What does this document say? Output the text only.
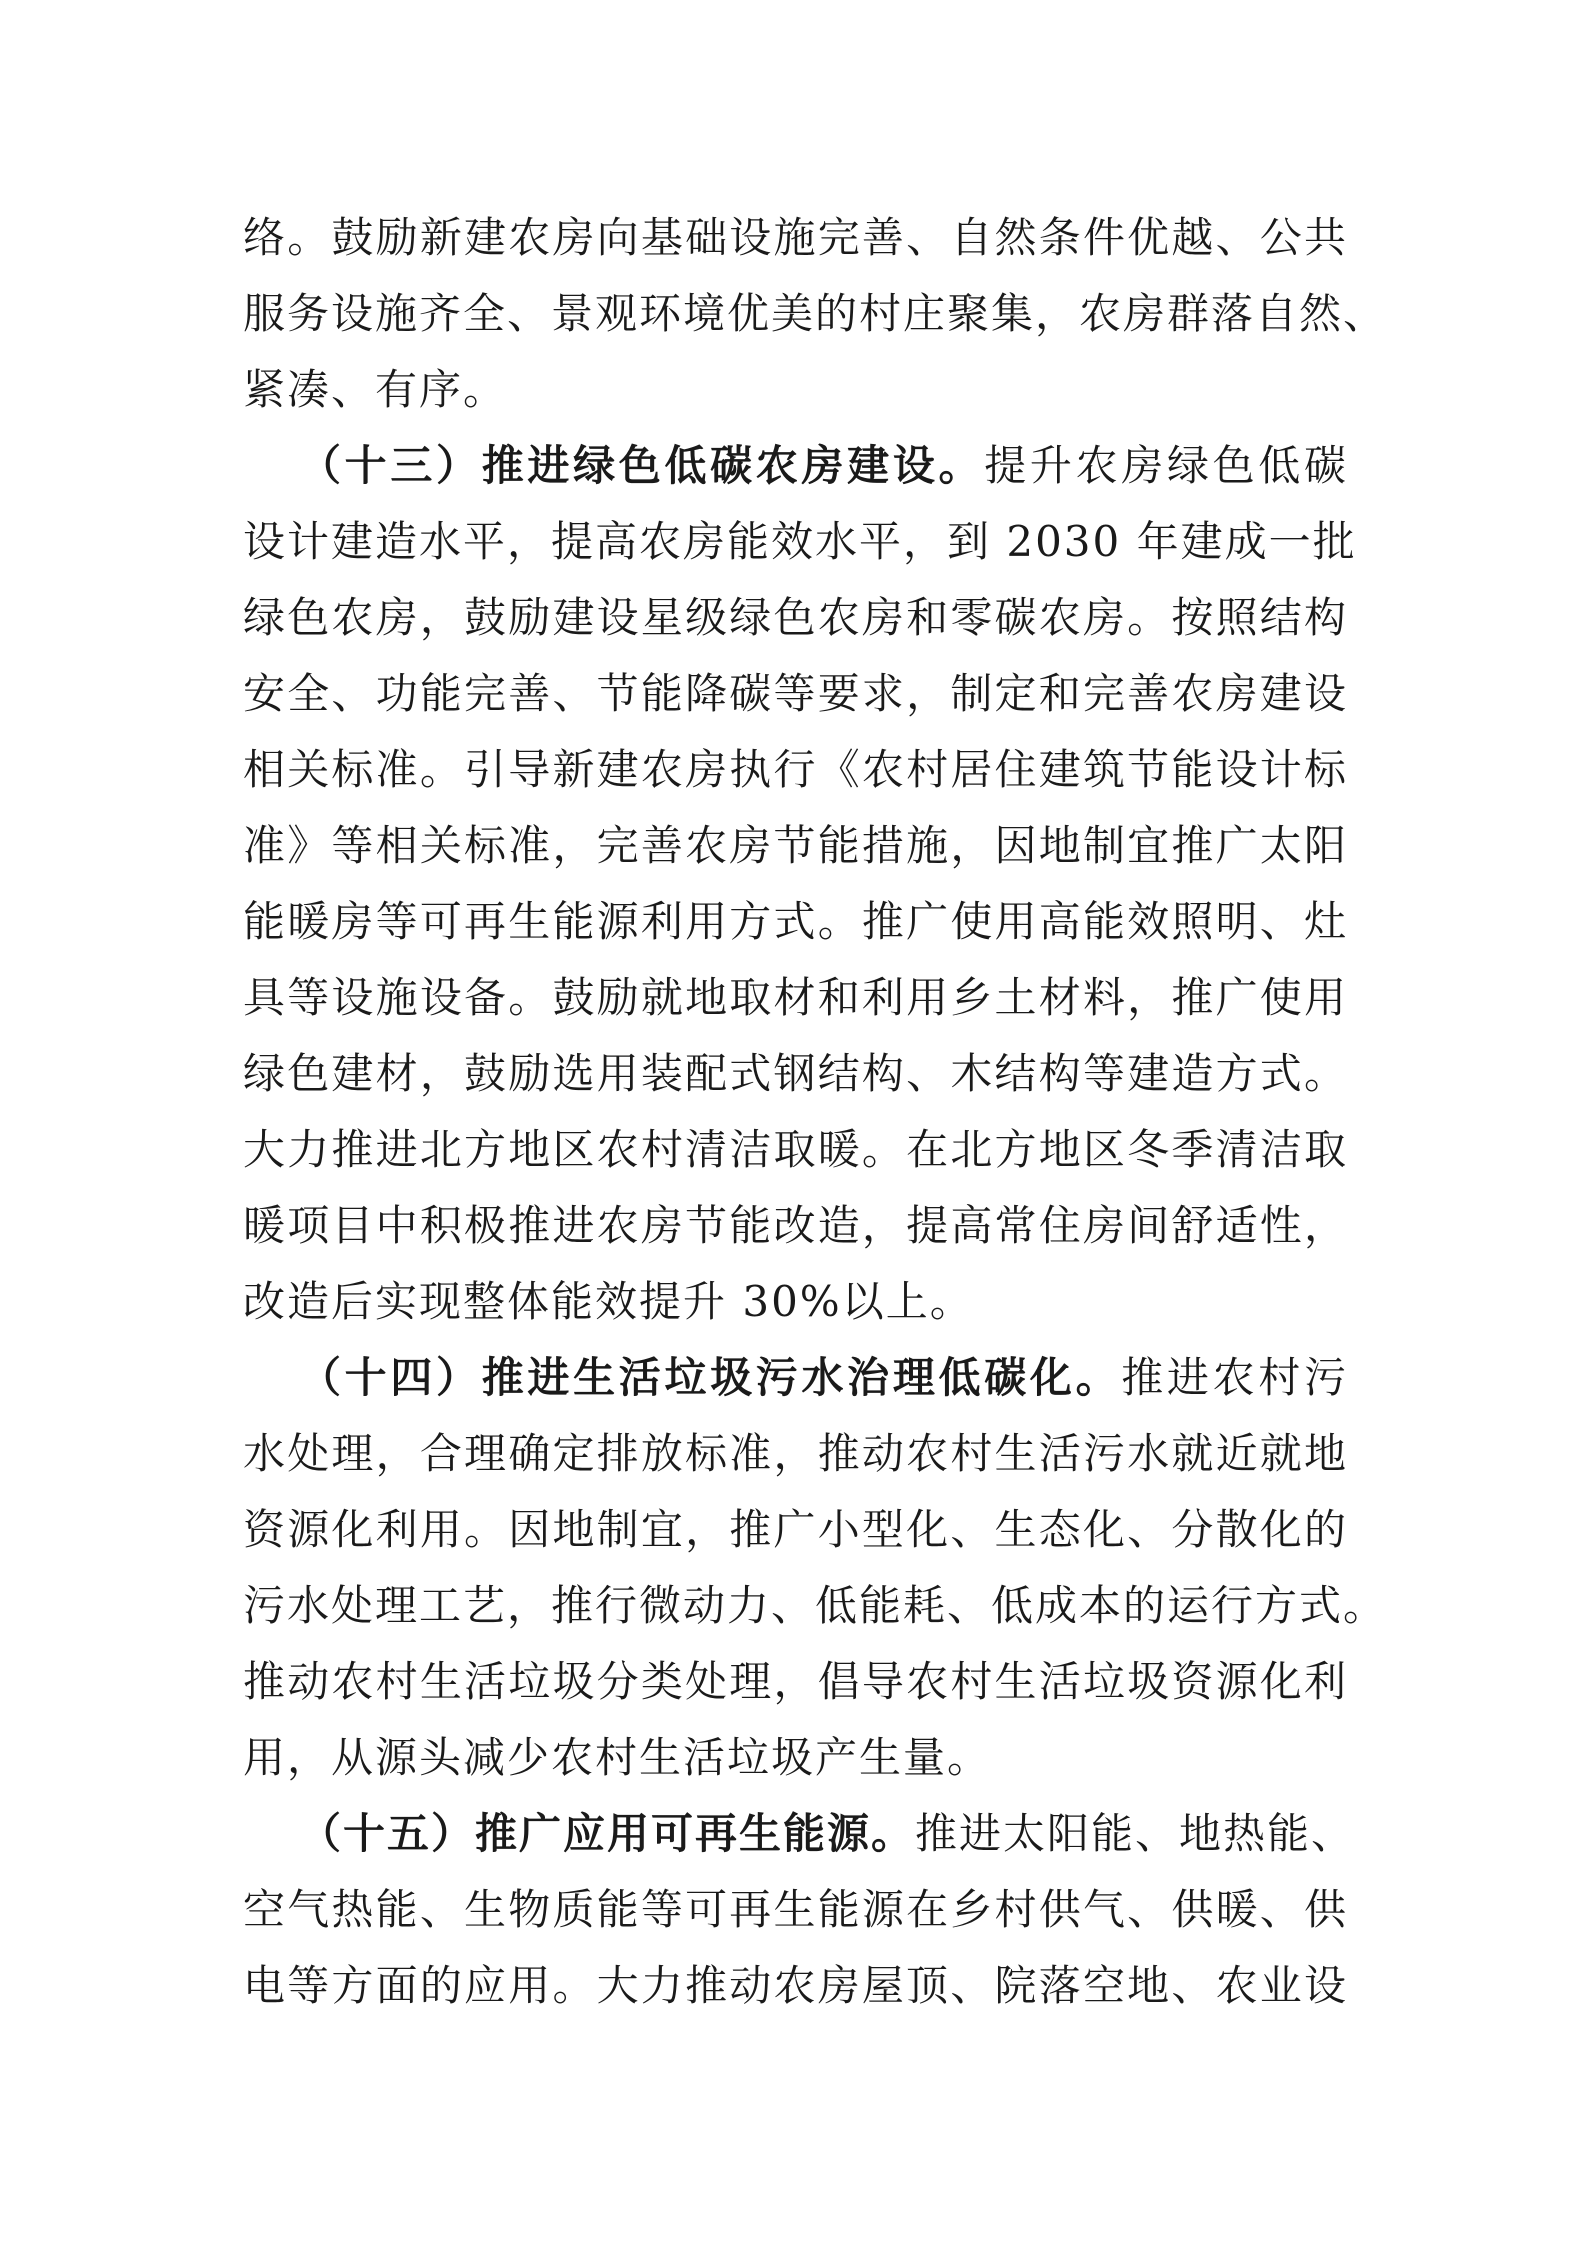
络。鼓励新建农房向基础设施完善、自然条件优越、公共
服务设施齐全、景观环境优美的村庄聚集，农房群落自然、
紧凑、有序。
（十三）推进绿色低碳农房建设。提升农房绿色低碳
设计建造水平，提高农房能效水平，到 2030 年建成一批
绿色农房，鼓励建设星级绿色农房和零碳农房。按照结构
安全、功能完善、节能降碳等要求，制定和完善农房建设
相关标准。引导新建农房执行《农村居住建筑节能设计标
准》等相关标准，完善农房节能措施，因地制宜推广太阳
能暖房等可再生能源利用方式。推广使用高能效照明、灶
具等设施设备。鼓励就地取材和利用乡土材料，推广使用
绿色建材，鼓励选用装配式钢结构、木结构等建造方式。
大力推进北方地区农村清洁取暖。在北方地区冬季清洁取
暖项目中积极推进农房节能改造，提高常住房间舒适性，
改造后实现整体能效提升 30%以上。
（十四）推进生活垃圾污水治理低碳化。推进农村污
水处理，合理确定排放标准，推动农村生活污水就近就地
资源化利用。因地制宜，推广小型化、生态化、分散化的
污水处理工艺，推行微动力、低能耗、低成本的运行方式。
推动农村生活垃圾分类处理，倡导农村生活垃圾资源化利
用，从源头减少农村生活垃圾产生量。
（十五）推广应用可再生能源。推进太阳能、地热能、
空气热能、生物质能等可再生能源在乡村供气、供暖、供
电等方面的应用。大力推动农房屋顶、院落空地、农业设
